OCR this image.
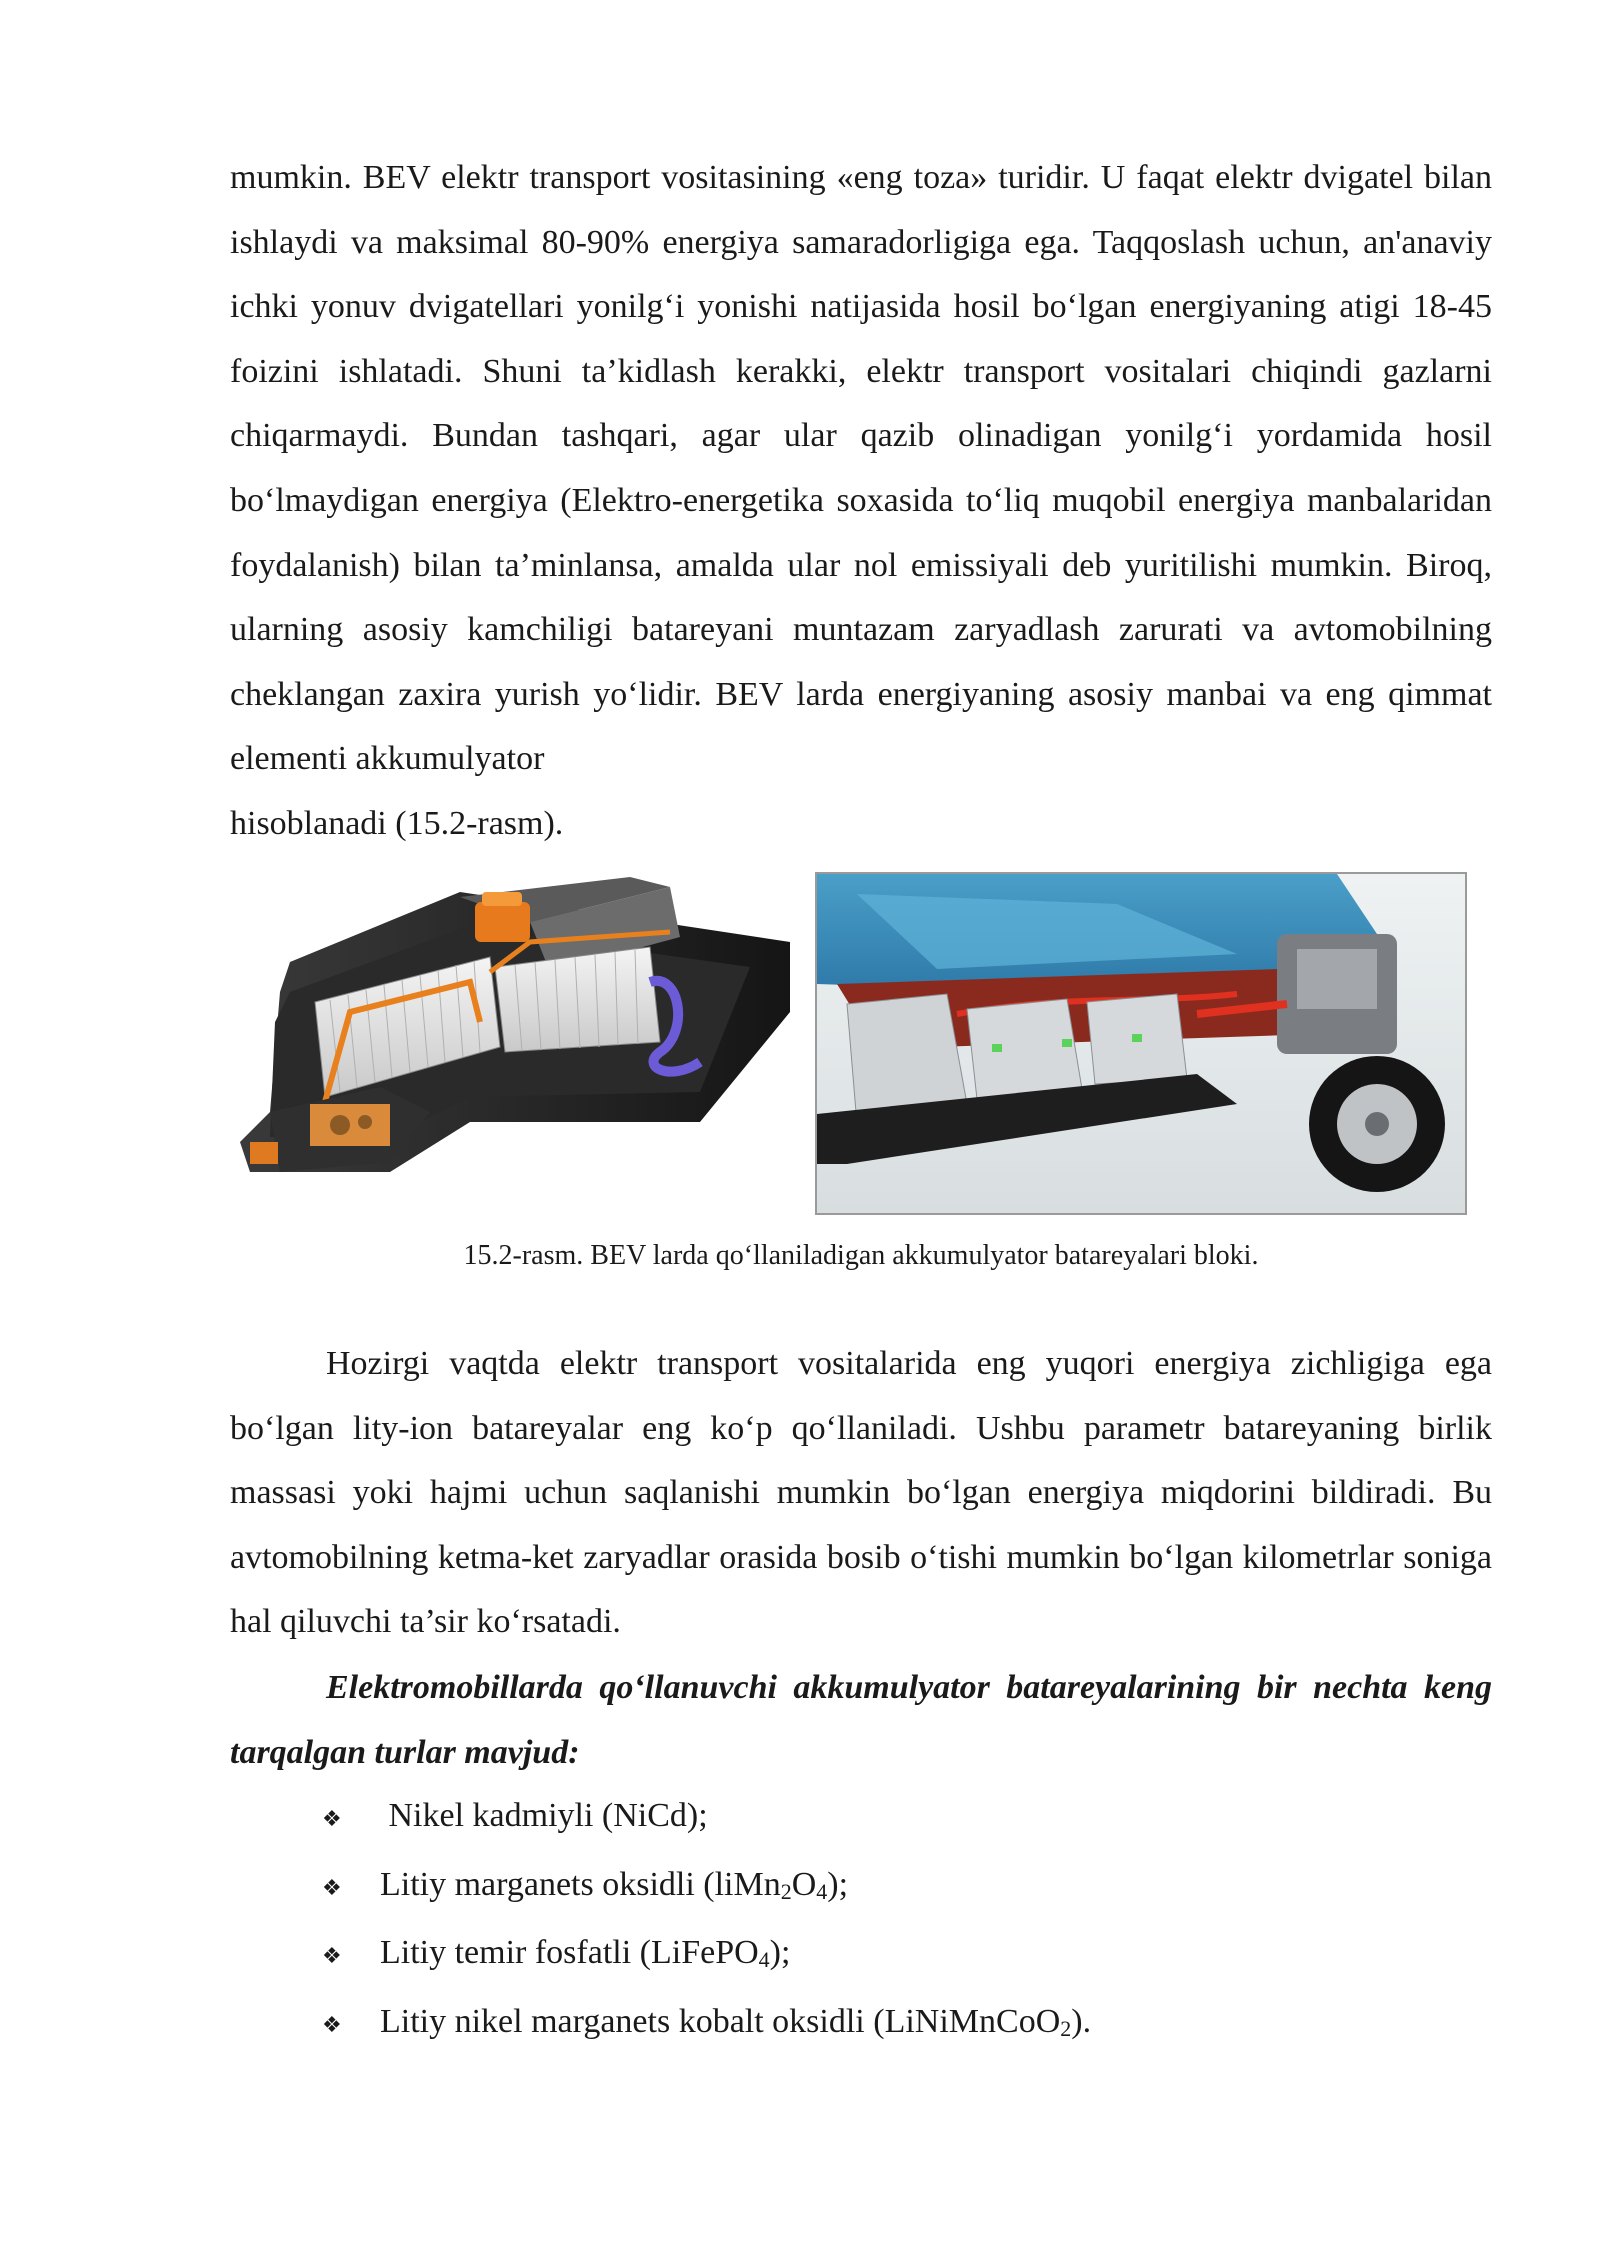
mumkin. BEV elektr transport vositasining «eng toza» turidir. U faqat elektr dvigatel bilan ishlaydi va maksimal 80-90% energiya samaradorligiga ega. Taqqoslash uchun, an'anaviy ichki yonuv dvigatellari yonilg‘i yonishi natijasida hosil bo‘lgan energiyaning atigi 18-45 foizini ishlatadi. Shuni ta’kidlash kerakki, elektr transport vositalari chiqindi gazlarni chiqarmaydi. Bundan tashqari, agar ular qazib olinadigan yonilg‘i yordamida hosil bo‘lmaydigan energiya (Elektro-energetika soxasida to‘liq muqobil energiya manbalaridan foydalanish) bilan ta’minlansa, amalda ular nol emissiyali deb yuritilishi mumkin. Biroq, ularning asosiy kamchiligi batareyani muntazam zaryadlash zarurati va avtomobilning cheklangan zaxira yurish yo‘lidir. BEV larda energiyaning asosiy manbai va eng qimmat elementi akkumulyator
hisoblanadi (15.2-rasm).
15.2-rasm. BEV larda qo‘llaniladigan akkumulyator batareyalari bloki.
Hozirgi vaqtda elektr transport vositalarida eng yuqori energiya zichligiga ega bo‘lgan lity-ion batareyalar eng ko‘p qo‘llaniladi. Ushbu parametr batareyaning birlik massasi yoki hajmi uchun saqlanishi mumkin bo‘lgan energiya miqdorini bildiradi. Bu avtomobilning ketma-ket zaryadlar orasida bosib o‘tishi mumkin bo‘lgan kilometrlar soniga hal qiluvchi ta’sir ko‘rsatadi.
Elektromobillarda qo‘llanuvchi akkumulyator batareyalarining bir nechta keng tarqalgan turlar mavjud:
❖	Nikel kadmiyli (NiCd);
❖	Litiy marganets oksidli $(liMn_2O_4)$;
❖	Litiy temir fosfatli (LiFePO$_4$);
❖	Litiy nikel marganets kobalt oksidli (LiNiMnCoO$_2$).
